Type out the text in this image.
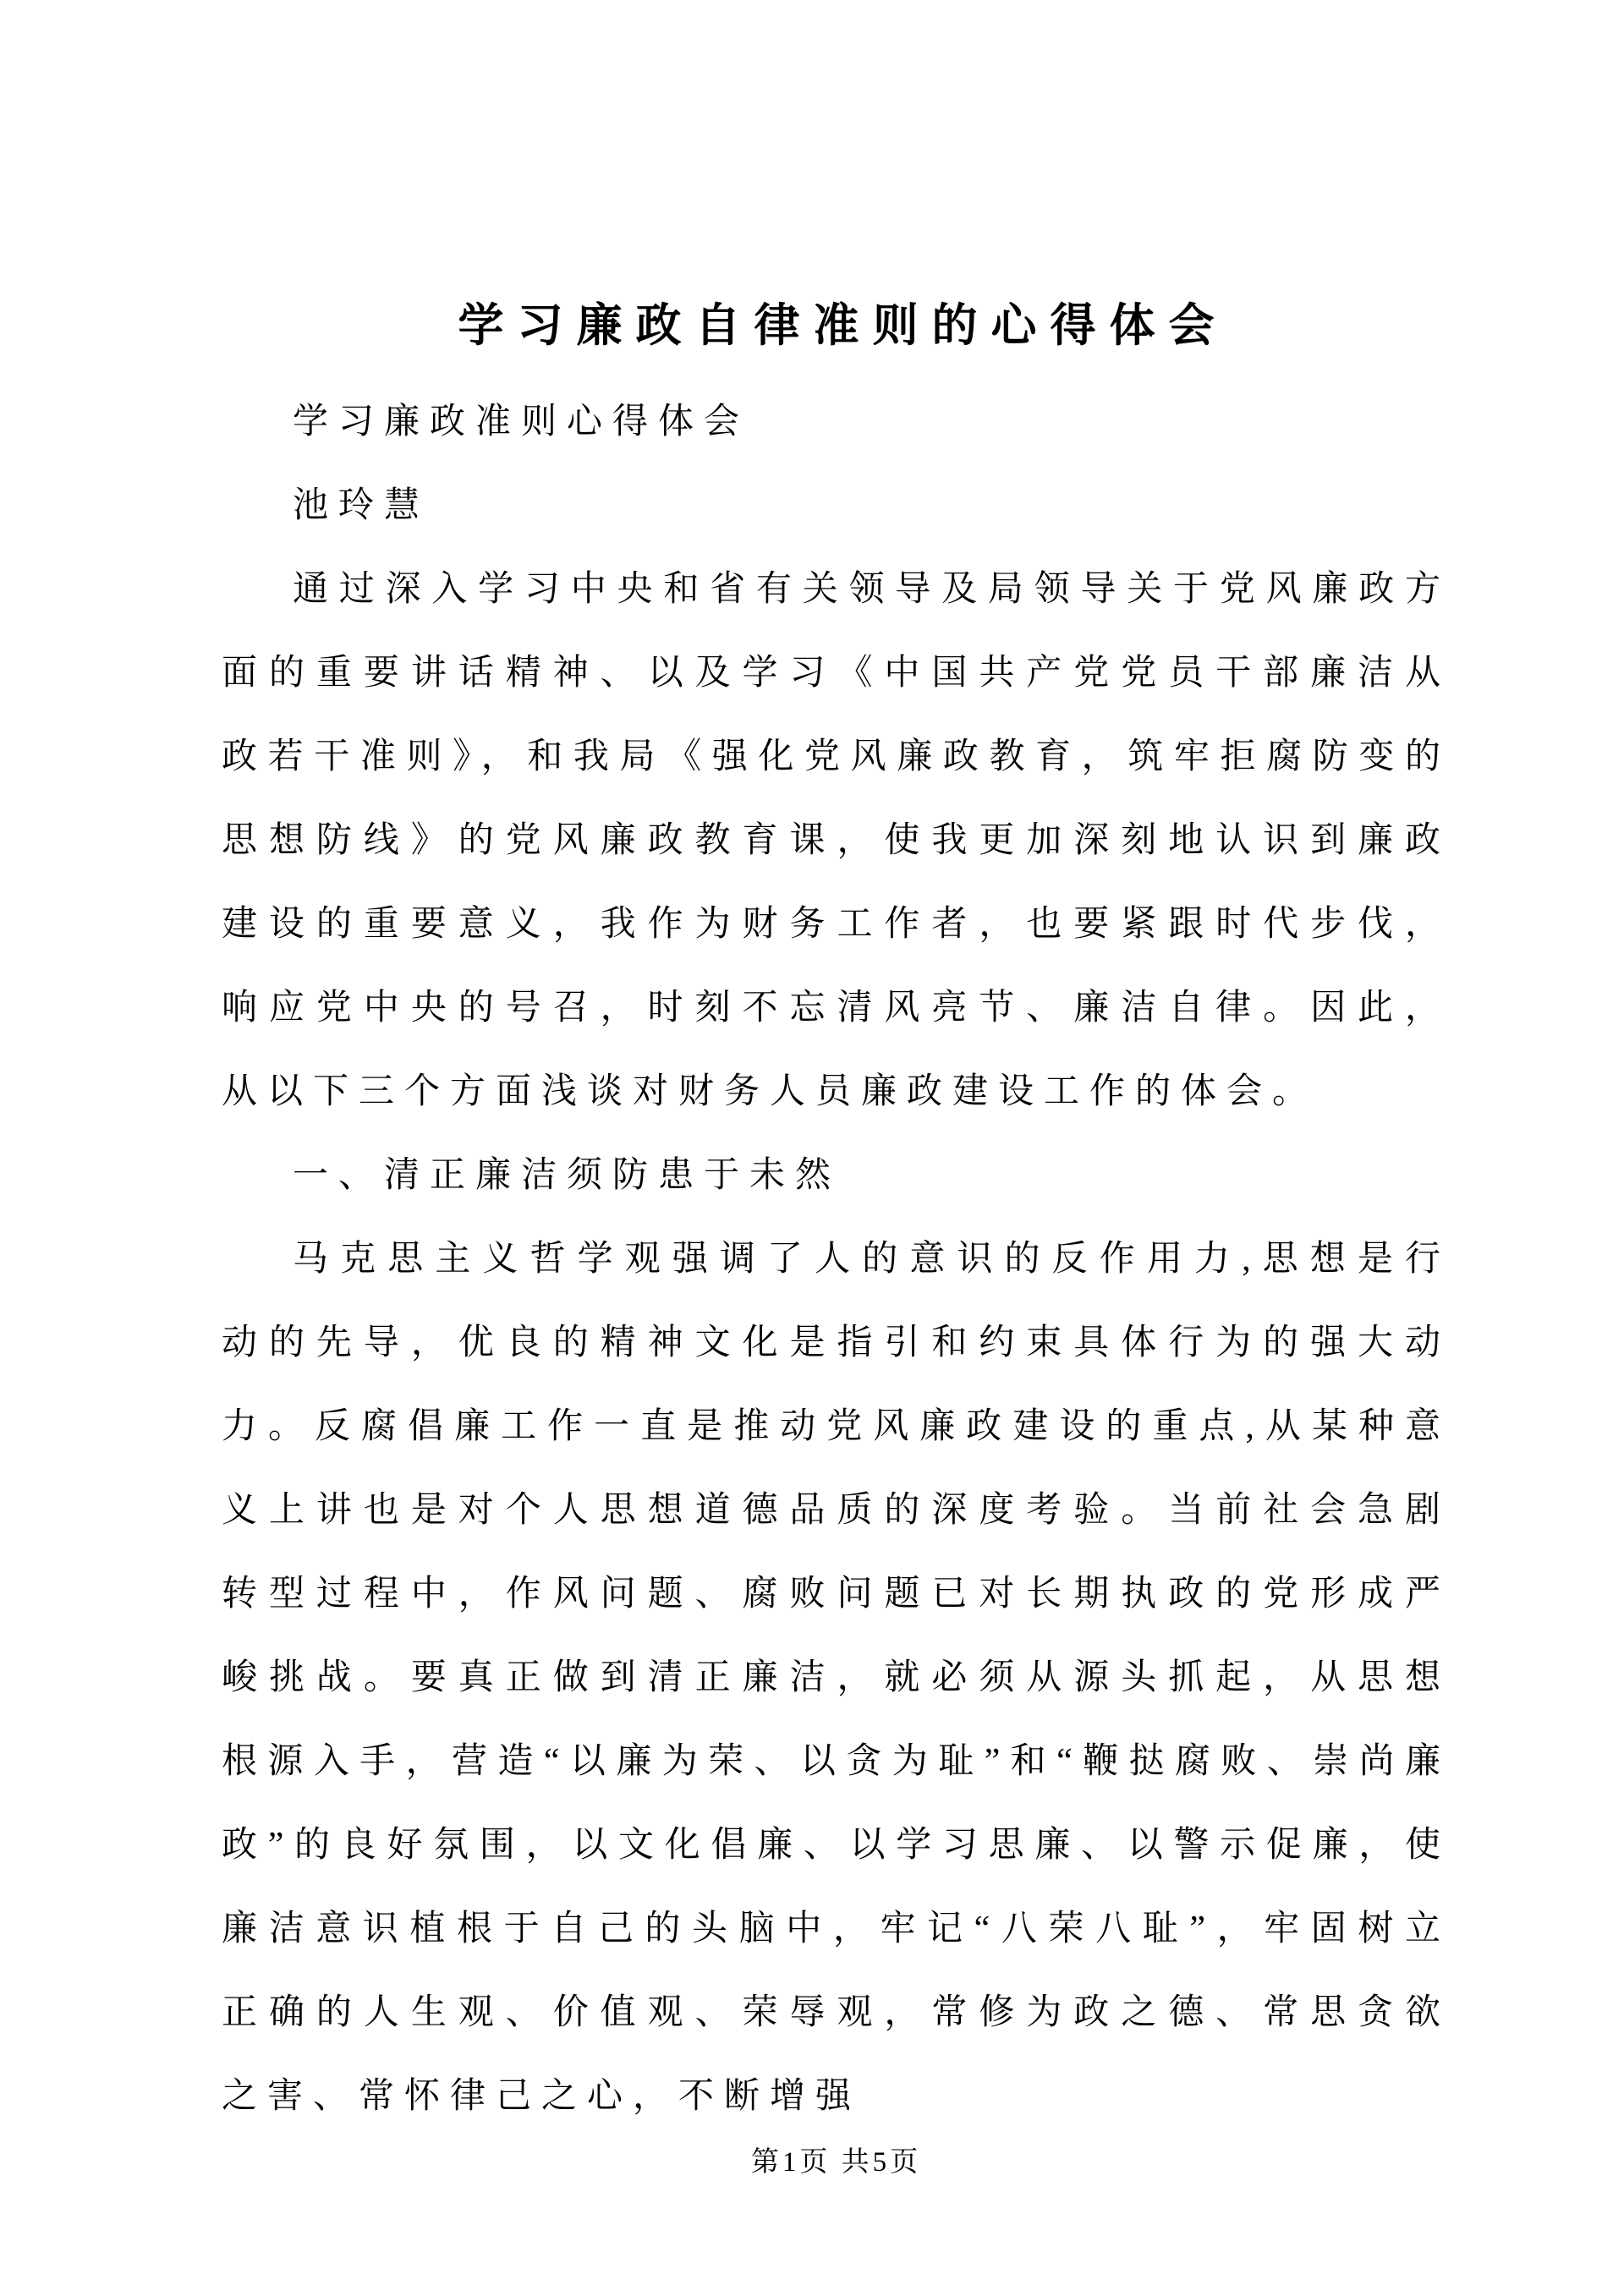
学习廉政自律准则的心得体会

学习廉政准则心得体会

池玲慧

通过深入学习中央和省有关领导及局领导关于党风廉政方面的重要讲话精神、以及学习《中国共产党党员干部廉洁从政若干准则》，和我局《强化党风廉政教育，筑牢拒腐防变的思想防线》的党风廉政教育课，使我更加深刻地认识到廉政建设的重要意义，我作为财务工作者，也要紧跟时代步伐，响应党中央的号召，时刻不忘清风亮节、廉洁自律。因此，从以下三个方面浅谈对财务人员廉政建设工作的体会。

一、清正廉洁须防患于未然

马克思主义哲学观强调了人的意识的反作用力,思想是行动的先导，优良的精神文化是指引和约束具体行为的强大动力。反腐倡廉工作一直是推动党风廉政建设的重点,从某种意义上讲也是对个人思想道德品质的深度考验。当前社会急剧转型过程中，作风问题、腐败问题已对长期执政的党形成严峻挑战。要真正做到清正廉洁，就必须从源头抓起，从思想根源入手，营造“以廉为荣、以贪为耻”和“鞭挞腐败、崇尚廉政”的良好氛围，以文化倡廉、以学习思廉、以警示促廉，使廉洁意识植根于自己的头脑中，牢记“八荣八耻”，牢固树立正确的人生观、价值观、荣辱观，常修为政之德、常思贪欲之害、常怀律己之心，不断增强

第1页 共5页
